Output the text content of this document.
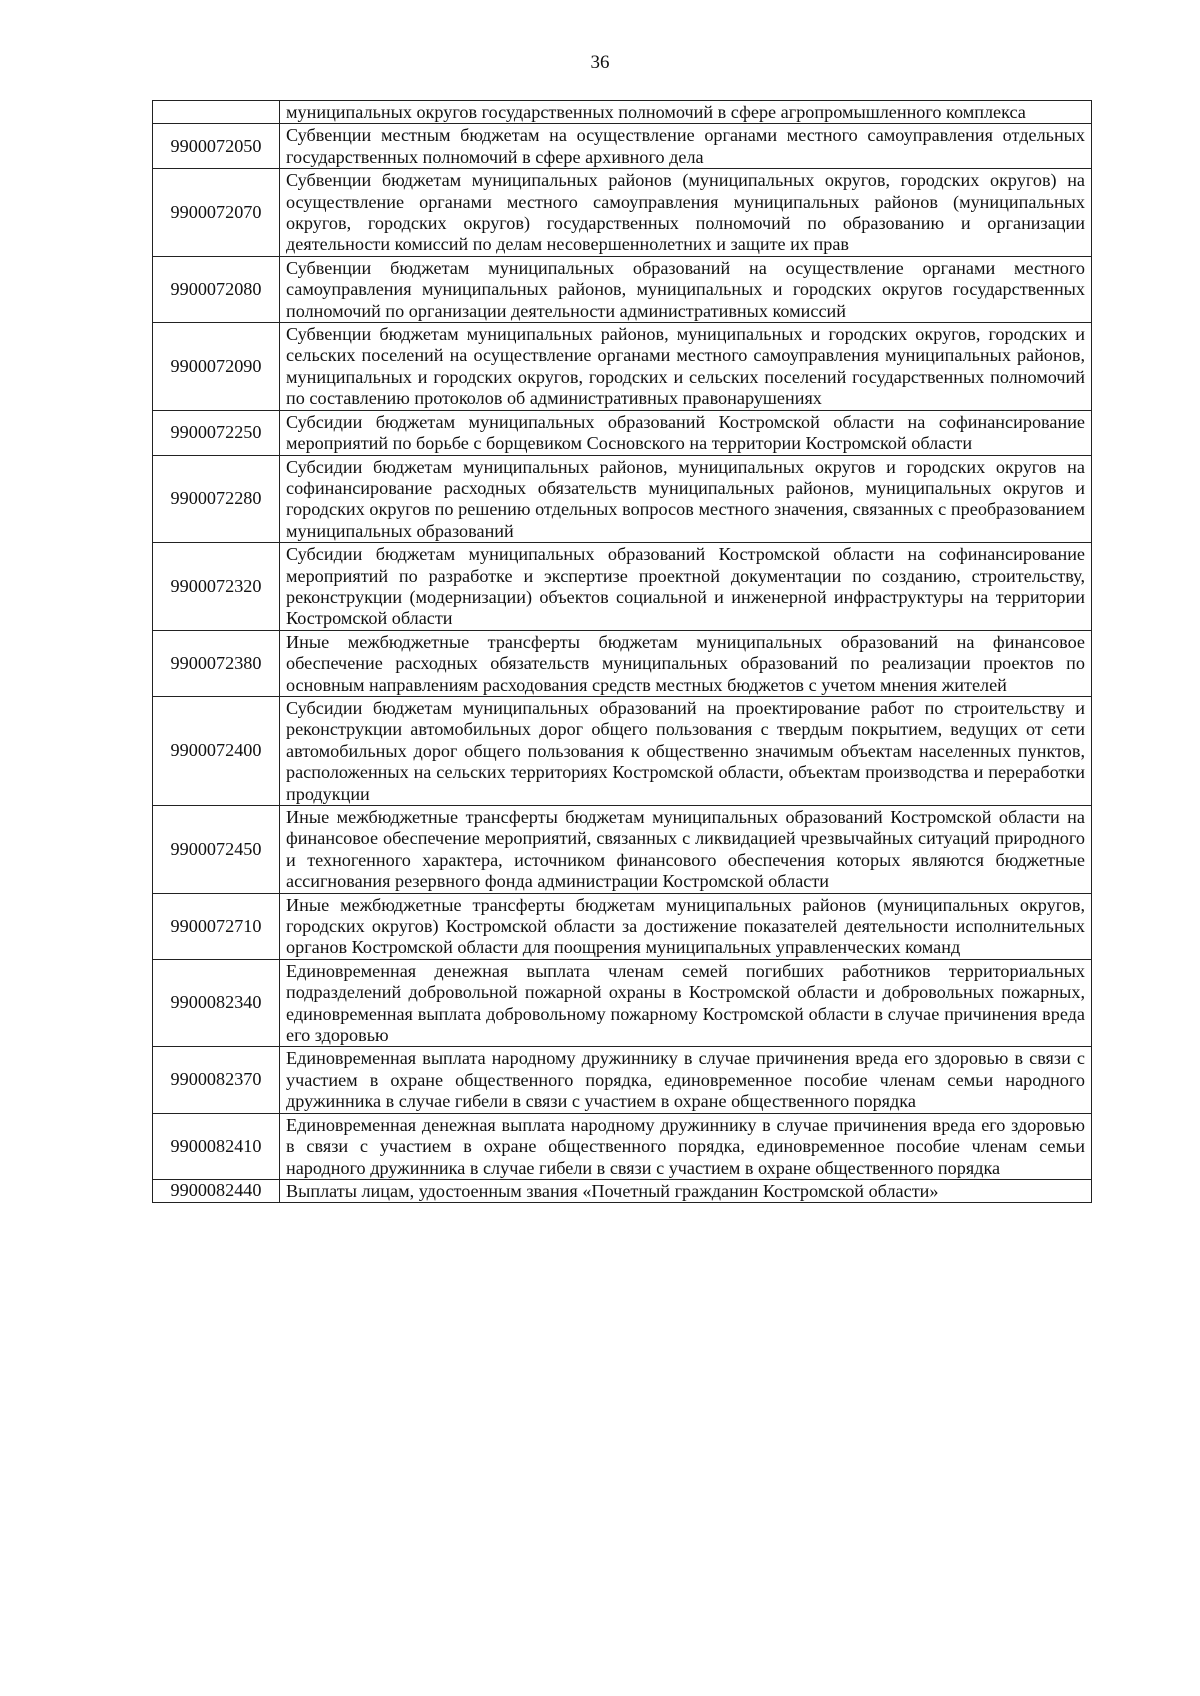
36
	муниципальных округов государственных полномочий в сфере агропромышленного комплекса
9900072050	Субвенции местным бюджетам на осуществление органами местного самоуправления отдельных государственных полномочий в сфере архивного дела
9900072070	Субвенции бюджетам муниципальных районов (муниципальных округов, городских округов) на осуществление органами местного самоуправления муниципальных районов (муниципальных округов, городских округов) государственных полномочий по образованию и организации деятельности комиссий по делам несовершеннолетних и защите их прав
9900072080	Субвенции бюджетам муниципальных образований на осуществление органами местного самоуправления муниципальных районов, муниципальных и городских округов государственных полномочий по организации деятельности административных комиссий
9900072090	Субвенции бюджетам муниципальных районов, муниципальных и городских округов, городских и сельских поселений на осуществление органами местного самоуправления муниципальных районов, муниципальных и городских округов, городских и сельских поселений государственных полномочий по составлению протоколов об административных правонарушениях
9900072250	Субсидии бюджетам муниципальных образований Костромской области на софинансирование мероприятий по борьбе с борщевиком Сосновского на территории Костромской области
9900072280	Субсидии бюджетам муниципальных районов, муниципальных округов и городских округов на софинансирование расходных обязательств муниципальных районов, муниципальных округов и городских округов по решению отдельных вопросов местного значения, связанных с преобразованием муниципальных образований
9900072320	Субсидии бюджетам муниципальных образований Костромской области на софинансирование мероприятий по разработке и экспертизе проектной документации по созданию, строительству, реконструкции (модернизации) объектов социальной и инженерной инфраструктуры на территории Костромской области
9900072380	Иные межбюджетные трансферты бюджетам муниципальных образований на финансовое обеспечение расходных обязательств муниципальных образований по реализации проектов по основным направлениям расходования средств местных бюджетов с учетом мнения жителей
9900072400	Субсидии бюджетам муниципальных образований на проектирование работ по строительству и реконструкции автомобильных дорог общего пользования с твердым покрытием, ведущих от сети автомобильных дорог общего пользования к общественно значимым объектам населенных пунктов, расположенных на сельских территориях Костромской области, объектам производства и переработки продукции
9900072450	Иные межбюджетные трансферты бюджетам муниципальных образований Костромской области на финансовое обеспечение мероприятий, связанных с ликвидацией чрезвычайных ситуаций природного и техногенного характера, источником финансового обеспечения которых являются бюджетные ассигнования резервного фонда администрации Костромской области
9900072710	Иные межбюджетные трансферты бюджетам муниципальных районов (муниципальных округов, городских округов) Костромской области за достижение показателей деятельности исполнительных органов Костромской области для поощрения муниципальных управленческих команд
9900082340	Единовременная денежная выплата членам семей погибших работников территориальных подразделений добровольной пожарной охраны в Костромской области и добровольных пожарных, единовременная выплата добровольному пожарному Костромской области в случае причинения вреда его здоровью
9900082370	Единовременная выплата народному дружиннику в случае причинения вреда его здоровью в связи с участием в охране общественного порядка, единовременное пособие членам семьи народного дружинника в случае гибели в связи с участием в охране общественного порядка
9900082410	Единовременная денежная выплата народному дружиннику в случае причинения вреда его здоровью в связи с участием в охране общественного порядка, единовременное пособие членам семьи народного дружинника в случае гибели в связи с участием в охране общественного порядка
9900082440	Выплаты лицам, удостоенным звания «Почетный гражданин Костромской области»
